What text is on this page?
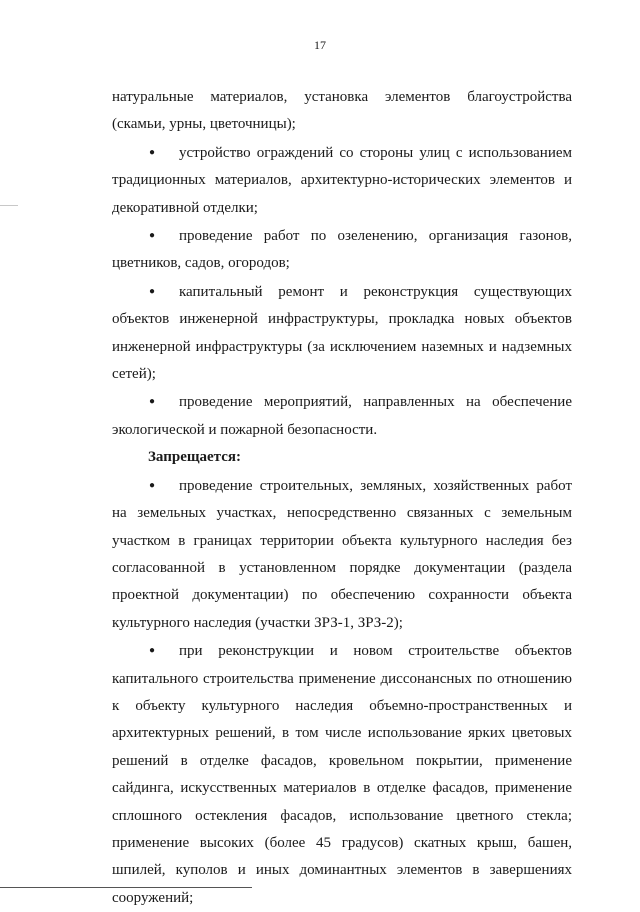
17

натуральные материалов, установка элементов благоустройства (скамьи, урны, цветочницы);

● устройство ограждений со стороны улиц с использованием традиционных материалов, архитектурно-исторических элементов и декоративной отделки;

● проведение работ по озеленению, организация газонов, цветников, садов, огородов;

● капитальный ремонт и реконструкция существующих объектов инженерной инфраструктуры, прокладка новых объектов инженерной инфраструктуры (за исключением наземных и надземных сетей);

● проведение мероприятий, направленных на обеспечение экологической и пожарной безопасности.

Запрещается:

● проведение строительных, земляных, хозяйственных работ на земельных участках, непосредственно связанных с земельным участком в границах территории объекта культурного наследия без согласованной в установленном порядке документации (раздела проектной документации) по обеспечению сохранности объекта культурного наследия (участки ЗРЗ-1, ЗРЗ-2);

● при реконструкции и новом строительстве объектов капитального строительства применение диссонансных по отношению к объекту культурного наследия объемно-пространственных и архитектурных решений, в том числе использование ярких цветовых решений в отделке фасадов, кровельном покрытии, применение сайдинга, искусственных материалов в отделке фасадов, применение сплошного остекления фасадов, использование цветного стекла; применение высоких (более 45 градусов) скатных крыш, башен, шпилей, куполов и иных доминантных элементов в завершениях сооружений;
